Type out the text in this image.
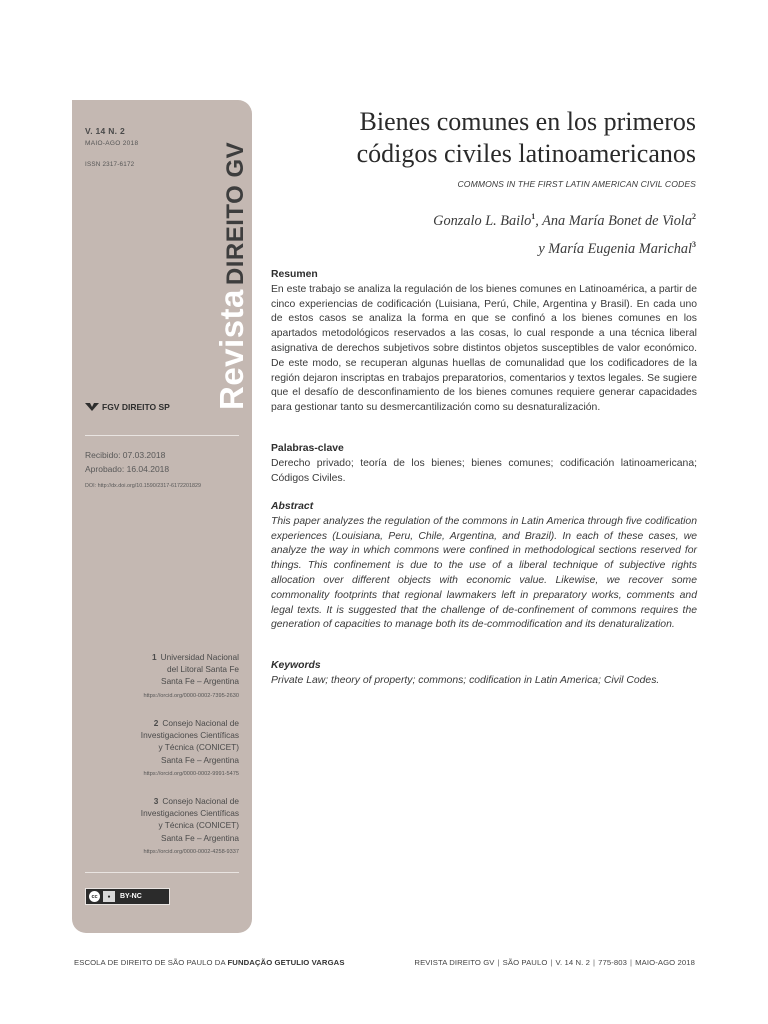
V. 14 N. 2
MAIO-AGO 2018
ISSN 2317-6172
RevistaDIREITO GV
FGV DIREITO SP
Recibido: 07.03.2018
Aprobado: 16.04.2018
DOI: http://dx.doi.org/10.1590/2317-6172201829
1 Universidad Nacional
del Litoral Santa Fe
Santa Fe – Argentina
https://orcid.org/0000-0002-7395-2630
2 Consejo Nacional de
Investigaciones Científicas
y Técnica (CONICET)
Santa Fe – Argentina
https://orcid.org/0000-0002-9991-5475
3 Consejo Nacional de
Investigaciones Científicas
y Técnica (CONICET)
Santa Fe – Argentina
https://orcid.org/0000-0002-4258-9337
cc	●	BY-NC
Bienes comunes en los primeros
códigos civiles latinoamericanos
COMMONS IN THE FIRST LATIN AMERICAN CIVIL CODES
Gonzalo L. Bailo$^1$, Ana María Bonet de Viola$^2$
y María Eugenia Marichal$^3$
Resumen

En este trabajo se analiza la regulación de los bienes comunes en Latinoamérica, a partir de cinco experiencias de codificación (Luisiana, Perú, Chile, Argentina y Brasil). En cada uno de estos casos se analiza la forma en que se confinó a los bienes comunes en los apartados metodológicos reservados a las cosas, lo cual responde a una técnica liberal asignativa de derechos subjetivos sobre distintos objetos susceptibles de valor económico. De este modo, se recuperan algunas huellas de comunalidad que los codificadores de la región dejaron inscriptas en trabajos preparatorios, comentarios y textos legales. Se sugiere que el desafío de desconfinamiento de los bienes comunes requiere generar capacidades para gestionar tanto su desmercantilización como su desnaturalización.

Palabras-clave

Derecho privado; teoría de los bienes; bienes comunes; codificación latinoamericana; Códigos Civiles.

Abstract

This paper analyzes the regulation of the commons in Latin America through five codification experiences (Louisiana, Peru, Chile, Argentina, and Brazil). In each of these cases, we analyze the way in which commons were confined in methodological sections reserved for things. This confinement is due to the use of a liberal technique of subjective rights allocation over different objects with economic value. Likewise, we recover some commonality footprints that regional lawmakers left in preparatory works, comments and legal texts. It is suggested that the challenge of de-confinement of commons requires the generation of capacities to manage both its de-commodification and its denaturalization.

Keywords

Private Law; theory of property; commons; codification in Latin America; Civil Codes.

ESCOLA DE DIREITO DE SÃO PAULO DA FUNDAÇÃO GETULIO VARGAS	REVISTA DIREITO GV | SÃO PAULO | V. 14 N. 2 | 775-803 | MAIO-AGO 2018
